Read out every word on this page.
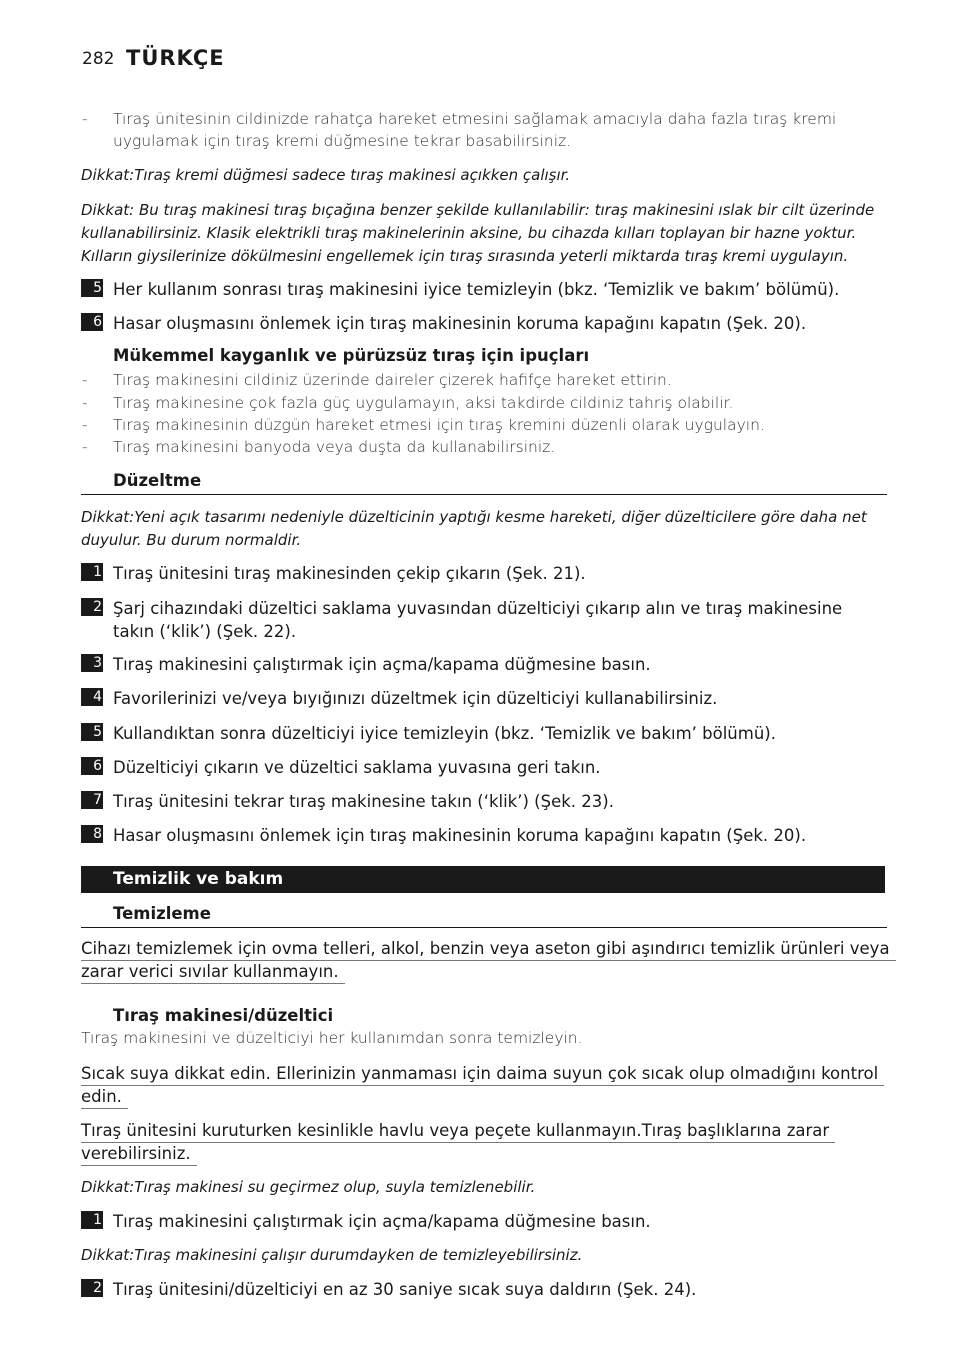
282 TÜRKÇE
- Tıraş ünitesinin cildinizde rahatça hareket etmesini sağlamak amacıyla daha fazla tıraş kremi uygulamak için tıraş kremi düğmesine tekrar basabilirsiniz.
Dikkat:Tıraş kremi düğmesi sadece tıraş makinesi açıkken çalışır.
Dikkat: Bu tıraş makinesi tıraş bıçağına benzer şekilde kullanılabilir: tıraş makinesini ıslak bir cilt üzerinde kullanabilirsiniz. Klasik elektrikli tıraş makinelerinin aksine, bu cihazda kılları toplayan bir hazne yoktur. Kılların giysilerinize dökülmesini engellemek için tıraş sırasında yeterli miktarda tıraş kremi uygulayın.
5 Her kullanım sonrası tıraş makinesini iyice temizleyin (bkz. ‘Temizlik ve bakım’ bölümü).
6 Hasar oluşmasını önlemek için tıraş makinesinin koruma kapağını kapatın (Şek. 20).
Mükemmel kayganlık ve pürüzsüz tıraş için ipuçları
- Tıraş makinesini cildiniz üzerinde daireler çizerek hafifçe hareket ettirin.
- Tıraş makinesine çok fazla güç uygulamayın, aksi takdirde cildiniz tahriş olabilir.
- Tıraş makinesinin düzgün hareket etmesi için tıraş kremini düzenli olarak uygulayın.
- Tıraş makinesini banyoda veya duşta da kullanabilirsiniz.
Düzeltme
Dikkat:Yeni açık tasarımı nedeniyle düzelticinin yaptığı kesme hareketi, diğer düzelticilere göre daha net duyulur. Bu durum normaldir.
1 Tıraş ünitesini tıraş makinesinden çekip çıkarın (Şek. 21).
2 Şarj cihazındaki düzeltici saklama yuvasından düzelticiyi çıkarıp alın ve tıraş makinesine takın (‘klik’) (Şek. 22).
3 Tıraş makinesini çalıştırmak için açma/kapama düğmesine basın.
4 Favorilerinizi ve/veya bıyığınızı düzeltmek için düzelticiyi kullanabilirsiniz.
5 Kullandıktan sonra düzelticiyi iyice temizleyin (bkz. ‘Temizlik ve bakım’ bölümü).
6 Düzelticiyi çıkarın ve düzeltici saklama yuvasına geri takın.
7 Tıraş ünitesini tekrar tıraş makinesine takın (‘klik’) (Şek. 23).
8 Hasar oluşmasını önlemek için tıraş makinesinin koruma kapağını kapatın (Şek. 20).
Temizlik ve bakım
Temizleme
Cihazı temizlemek için ovma telleri, alkol, benzin veya aseton gibi aşındırıcı temizlik ürünleri veya
zarar verici sıvılar kullanmayın.
Tıraş makinesi/düzeltici
Tıraş makinesini ve düzelticiyi her kullanımdan sonra temizleyin.
Sıcak suya dikkat edin. Ellerinizin yanmaması için daima suyun çok sıcak olup olmadığını kontrol
edin.
Tıraş ünitesini kuruturken kesinlikle havlu veya peçete kullanmayın.Tıraş başlıklarına zarar
verebilirsiniz.
Dikkat:Tıraş makinesi su geçirmez olup, suyla temizlenebilir.
1 Tıraş makinesini çalıştırmak için açma/kapama düğmesine basın.
Dikkat:Tıraş makinesini çalışır durumdayken de temizleyebilirsiniz.
2 Tıraş ünitesini/düzelticiyi en az 30 saniye sıcak suya daldırın (Şek. 24).
